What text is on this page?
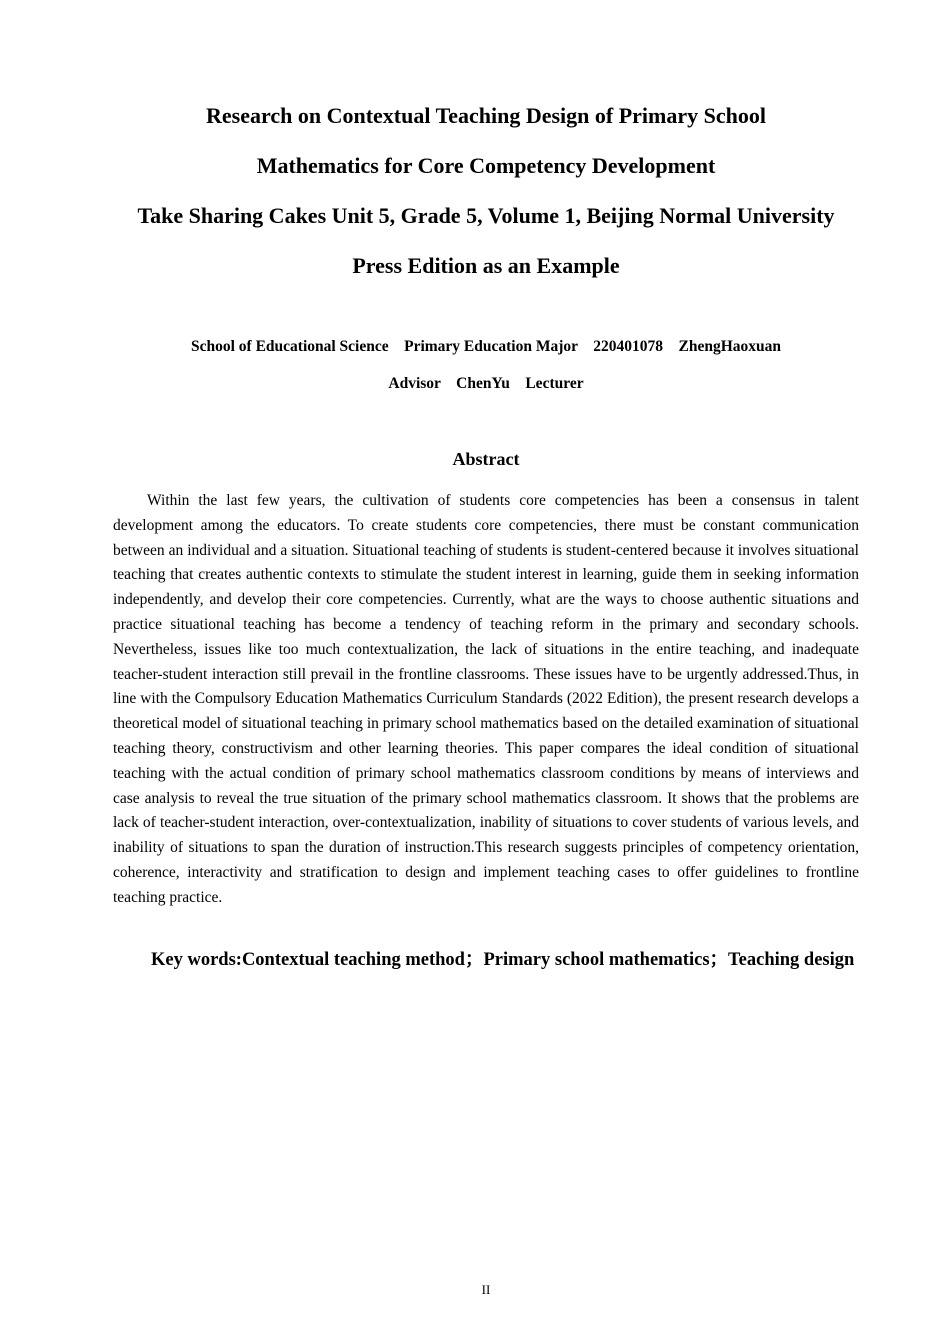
Research on Contextual Teaching Design of Primary School
Mathematics for Core Competency Development
Take Sharing Cakes Unit 5, Grade 5, Volume 1, Beijing Normal University
Press Edition as an Example
School of Educational Science    Primary Education Major    220401078    ZhengHaoxuan
Advisor    ChenYu    Lecturer
Abstract

Within the last few years, the cultivation of students core competencies has been a consensus in talent development among the educators. To create students core competencies, there must be constant communication between an individual and a situation. Situational teaching of students is student-centered because it involves situational teaching that creates authentic contexts to stimulate the student interest in learning, guide them in seeking information independently, and develop their core competencies. Currently, what are the ways to choose authentic situations and practice situational teaching has become a tendency of teaching reform in the primary and secondary schools. Nevertheless, issues like too much contextualization, the lack of situations in the entire teaching, and inadequate teacher-student interaction still prevail in the frontline classrooms. These issues have to be urgently addressed.Thus, in line with the Compulsory Education Mathematics Curriculum Standards (2022 Edition), the present research develops a theoretical model of situational teaching in primary school mathematics based on the detailed examination of situational teaching theory, constructivism and other learning theories. This paper compares the ideal condition of situational teaching with the actual condition of primary school mathematics classroom conditions by means of interviews and case analysis to reveal the true situation of the primary school mathematics classroom. It shows that the problems are lack of teacher-student interaction, over-contextualization, inability of situations to cover students of various levels, and inability of situations to span the duration of instruction.This research suggests principles of competency orientation, coherence, interactivity and stratification to design and implement teaching cases to offer guidelines to frontline teaching practice.

Key words:Contextual teaching method；Primary school mathematics；Teaching design

II
